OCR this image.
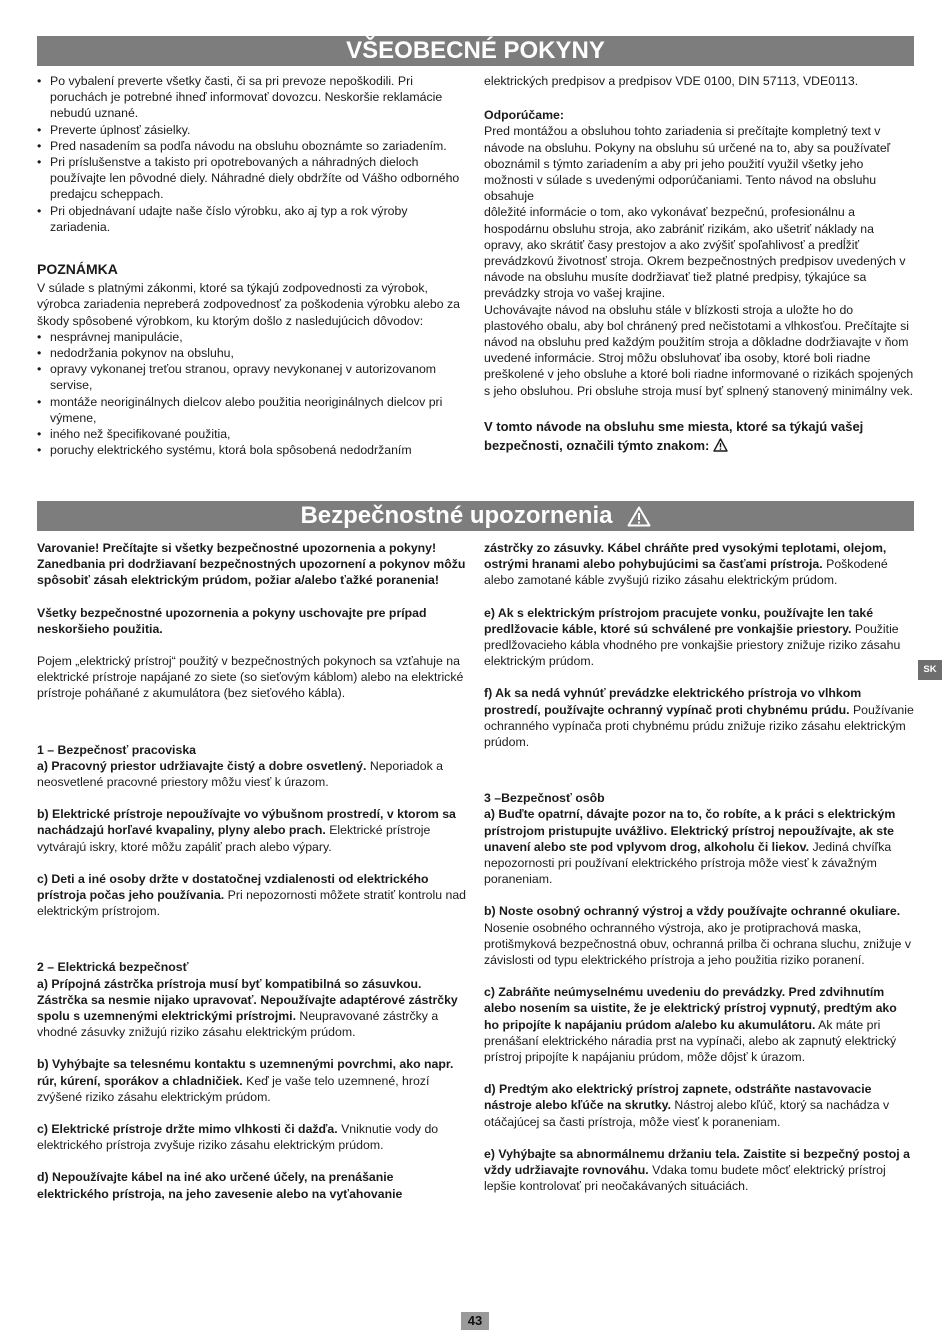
VŠEOBECNÉ POKYNY
• Po vybalení preverte všetky časti, či sa pri prevoze nepoškodili. Pri poruchách je potrebné ihneď informovať dovozcu. Neskoršie reklamácie nebudú uznané.
• Preverte úplnosť zásielky.
• Pred nasadením sa podľa návodu na obsluhu oboznámte so zariadením.
• Pri príslušenstve a takisto pri opotrebovaných a náhradných dieloch používajte len pôvodné diely. Náhradné diely obdržíte od Vášho odborného predajcu scheppach.
• Pri objednávaní udajte naše číslo výrobku, ako aj typ a rok výroby zariadenia.

POZNÁMKA

V súlade s platnými zákonmi, ktoré sa týkajú zodpovednosti za výrobok, výrobca zariadenia nepreberá zodpovednosť za poškodenia výrobku alebo za škody spôsobené výrobkom, ku ktorým došlo z nasledujúcich dôvodov:

• nesprávnej manipulácie,
• nedodržania pokynov na obsluhu,
• opravy vykonanej treťou stranou, opravy nevykonanej v autorizovanom servise,
• montáže neoriginálnych dielcov alebo použitia neoriginálnych dielcov pri výmene,
• iného než špecifikované použitia,
• poruchy elektrického systému, ktorá bola spôsobená nedodržaním

elektrických predpisov a predpisov VDE 0100, DIN 57113, VDE0113.

Odporúčame:

Pred montážou a obsluhou tohto zariadenia si prečítajte kompletný text v návode na obsluhu. Pokyny na obsluhu sú určené na to, aby sa používateľ oboznámil s týmto zariadením a aby pri jeho použití využil všetky jeho možnosti v súlade s uvedenými odporúčaniami. Tento návod na obsluhu obsahuje

dôležité informácie o tom, ako vykonávať bezpečnú, profesionálnu a hospodárnu obsluhu stroja, ako zabrániť rizikám, ako ušetriť náklady na opravy, ako skrátiť časy prestojov a ako zvýšiť spoľahlivosť a predĺžiť prevádzkovú životnosť stroja. Okrem bezpečnostných predpisov uvedených v návode na obsluhu musíte dodržiavať tiež platné predpisy, týkajúce sa prevádzky stroja vo vašej krajine.

Uchovávajte návod na obsluhu stále v blízkosti stroja a uložte ho do plastového obalu, aby bol chránený pred nečistotami a vlhkosťou. Prečítajte si návod na obsluhu pred každým použitím stroja a dôkladne dodržiavajte v ňom uvedené informácie. Stroj môžu obsluhovať iba osoby, ktoré boli riadne preškolené v jeho obsluhe a ktoré boli riadne informované o rizikách spojených s jeho obsluhou. Pri obsluhe stroja musí byť splnený stanovený minimálny vek.

V tomto návode na obsluhu sme miesta, ktoré sa týkajú vašej bezpečnosti, označili týmto znakom:

Bezpečnostné upozornenia

Varovanie! Prečítajte si všetky bezpečnostné upozornenia a pokyny! Zanedbania pri dodržiavaní bezpečnostných upozornení a pokynov môžu spôsobiť zásah elektrickým prúdom, požiar a/alebo ťažké poranenia!

Všetky bezpečnostné upozornenia a pokyny uschovajte pre prípad neskoršieho použitia.

Pojem „elektrický prístroj“ použitý v bezpečnostných pokynoch sa vzťahuje na elektrické prístroje napájané zo siete (so sieťovým káblom) alebo na elektrické prístroje poháňané z akumulátora (bez sieťového kábla).

1 – Bezpečnosť pracoviska

a) Pracovný priestor udržiavajte čistý a dobre osvetlený. Neporiadok a neosvetlené pracovné priestory môžu viesť k úrazom.

b) Elektrické prístroje nepoužívajte vo výbušnom prostredí, v ktorom sa nachádzajú horľavé kvapaliny, plyny alebo prach. Elektrické prístroje vytvárajú iskry, ktoré môžu zapáliť prach alebo výpary.

c) Deti a iné osoby držte v dostatočnej vzdialenosti od elektrického prístroja počas jeho používania. Pri nepozornosti môžete stratiť kontrolu nad elektrickým prístrojom.

2 – Elektrická bezpečnosť

a) Prípojná zástrčka prístroja musí byť kompatibilná so zásuvkou. Zástrčka sa nesmie nijako upravovať. Nepoužívajte adaptérové zástrčky spolu s uzemnenými elektrickými prístrojmi. Neupravované zástrčky a vhodné zásuvky znižujú riziko zásahu elektrickým prúdom.

b) Vyhýbajte sa telesnému kontaktu s uzemnenými povrchmi, ako napr. rúr, kúrení, sporákov a chladničiek. Keď je vaše telo uzemnené, hrozí zvýšené riziko zásahu elektrickým prúdom.

c) Elektrické prístroje držte mimo vlhkosti či dažďa. Vniknutie vody do elektrického prístroja zvyšuje riziko zásahu elektrickým prúdom.

d) Nepoužívajte kábel na iné ako určené účely, na prenášanie elektrického prístroja, na jeho zavesenie alebo na vyťahovanie

zástrčky zo zásuvky. Kábel chráňte pred vysokými teplotami, olejom, ostrými hranami alebo pohybujúcimi sa časťami prístroja. Poškodené alebo zamotané káble zvyšujú riziko zásahu elektrickým prúdom.

e) Ak s elektrickým prístrojom pracujete vonku, používajte len také predlžovacie káble, ktoré sú schválené pre vonkajšie priestory. Použitie predlžovacieho kábla vhodného pre vonkajšie priestory znižuje riziko zásahu elektrickým prúdom.

f) Ak sa nedá vyhnúť prevádzke elektrického prístroja vo vlhkom prostredí, používajte ochranný vypínač proti chybnému prúdu. Používanie ochranného vypínača proti chybnému prúdu znižuje riziko zásahu elektrickým prúdom.

3 –Bezpečnosť osôb

a) Buďte opatrní, dávajte pozor na to, čo robíte, a k práci s elektrickým prístrojom pristupujte uvážlivo. Elektrický prístroj nepoužívajte, ak ste unavení alebo ste pod vplyvom drog, alkoholu či liekov. Jediná chvíľka nepozornosti pri používaní elektrického prístroja môže viesť k závažným poraneniam.

b) Noste osobný ochranný výstroj a vždy používajte ochranné okuliare. Nosenie osobného ochranného výstroja, ako je protiprachová maska, protišmyková bezpečnostná obuv, ochranná prilba či ochrana sluchu, znižuje v závislosti od typu elektrického prístroja a jeho použitia riziko poranení.

c) Zabráňte neúmyselnému uvedeniu do prevádzky. Pred zdvihnutím alebo nosením sa uistite, že je elektrický prístroj vypnutý, predtým ako ho pripojíte k napájaniu prúdom a/alebo ku akumulátoru. Ak máte pri prenášaní elektrického náradia prst na vypínači, alebo ak zapnutý elektrický prístroj pripojíte k napájaniu prúdom, môže dôjsť k úrazom.

d) Predtým ako elektrický prístroj zapnete, odstráňte nastavovacie nástroje alebo kľúče na skrutky. Nástroj alebo kľúč, ktorý sa nachádza v otáčajúcej sa časti prístroja, môže viesť k poraneniam.

e) Vyhýbajte sa abnormálnemu držaniu tela. Zaistite si bezpečný postoj a vždy udržiavajte rovnováhu. Vdaka tomu budete môcť elektrický prístroj lepšie kontrolovať pri neočakávaných situáciách.

SK
43
